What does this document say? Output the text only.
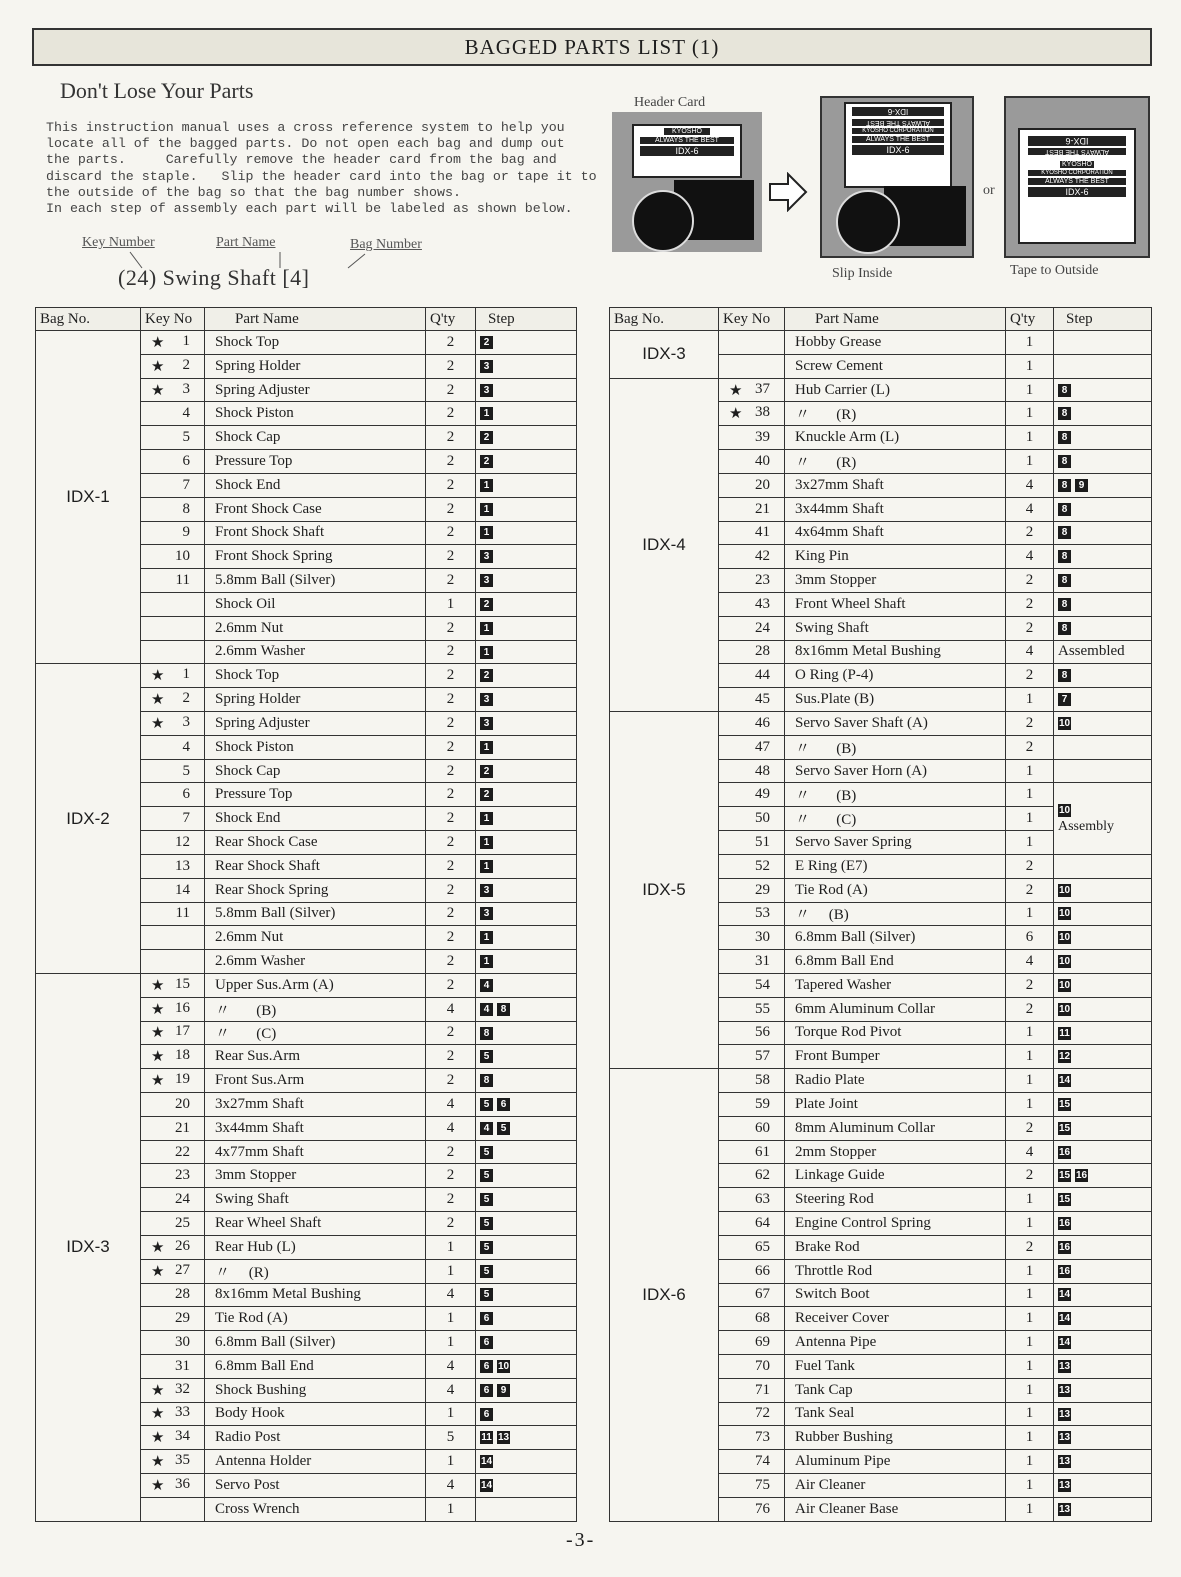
BAGGED PARTS LIST (1)
Don't Lose Your Parts
This instruction manual uses a cross reference system to help you
locate all of the bagged parts. Do not open each bag and dump out
the parts.     Carefully remove the header card from the bag and
discard the staple.   Slip the header card into the bag or tape it to
the outside of the bag so that the bag number shows.
In each step of assembly each part will be labeled as shown below.
Key Number	Part Name	Bag Number
(24) Swing Shaft [4]
Header Card
KYOSHO
ALWAYS THE BEST
IDX-6
IDX-6
ALWAYS THE BEST
KYOSHO CORPORATION
ALWAYS THE BEST
IDX-6
or
IDX-6
ALWAYS THE BEST
KYOSHO
KYOSHO CORPORATION
ALWAYS THE BEST
IDX-6
Slip Inside	Tape to Outside
Bag No.	Key No	Part Name	Q'ty	Step
IDX-1	★ 1	Shock Top	2	2

	★ 2	Spring Holder	2	3

	★ 3	Spring Adjuster	2	3
	4	Shock Piston	2	1
	5	Shock Cap	2	2
	6	Pressure Top	2	2
	7	Shock End	2	1
	8	Front Shock Case	2	1
	9	Front Shock Shaft	2	1
	10	Front Shock Spring	2	3
	11	5.8mm Ball (Silver)	2	3
		Shock Oil	1	2
		2.6mm Nut	2	1
		2.6mm Washer	2	1
IDX-2	★ 1	Shock Top	2	2

	★ 2	Spring Holder	2	3

	★ 3	Spring Adjuster	2	3
	4	Shock Piston	2	1
	5	Shock Cap	2	2
	6	Pressure Top	2	2
	7	Shock End	2	1
	12	Rear Shock Case	2	1
	13	Rear Shock Shaft	2	1
	14	Rear Shock Spring	2	3
	11	5.8mm Ball (Silver)	2	3
		2.6mm Nut	2	1
		2.6mm Washer	2	1
IDX-3	★ 15	Upper Sus.Arm (A)	2	4

	★ 16	〃       (B)	4	4 8

	★ 17	〃       (C)	2	8

	★ 18	Rear Sus.Arm	2	5

	★ 19	Front Sus.Arm	2	8
	20	3x27mm Shaft	4	5 6
	21	3x44mm Shaft	4	4 5
	22	4x77mm Shaft	2	5
	23	3mm Stopper	2	5
	24	Swing Shaft	2	5
	25	Rear Wheel Shaft	2	5

	★ 26	Rear Hub (L)	1	5

	★ 27	〃     (R)	1	5
	28	8x16mm Metal Bushing	4	5
	29	Tie Rod (A)	1	6
	30	6.8mm Ball (Silver)	1	6
	31	6.8mm Ball End	4	6 10

	★ 32	Shock Bushing	4	6 9

	★ 33	Body Hook	1	6

	★ 34	Radio Post	5	11 13

	★ 35	Antenna Holder	1	14

	★ 36	Servo Post	4	14
		Cross Wrench	1	
Bag No.	Key No	Part Name	Q'ty	Step
IDX-3		Hobby Grease	1	
		Screw Cement	1	
IDX-4	★ 37	Hub Carrier (L)	1	8

	★ 38	〃       (R)	1	8
	39	Knuckle Arm (L)	1	8
	40	〃       (R)	1	8
	20	3x27mm Shaft	4	8 9
	21	3x44mm Shaft	4	8
	41	4x64mm Shaft	2	8
	42	King Pin	4	8
	23	3mm Stopper	2	8
	43	Front Wheel Shaft	2	8
	24	Swing Shaft	2	8
	28	8x16mm Metal Bushing	4	Assembled
	44	O Ring (P-4)	2	8
	45	Sus.Plate (B)	1	7
IDX-5	46	Servo Saver Shaft (A)	2	10
	47	〃       (B)	2	
	48	Servo Saver Horn (A)	1	
	49	〃       (B)	1	10
Assembly

	50	〃       (C)	1	
	51	Servo Saver Spring	1	
	52	E Ring (E7)	2	
	29	Tie Rod (A)	2	10
	53	〃     (B)	1	10
	30	6.8mm Ball (Silver)	6	10
	31	6.8mm Ball End	4	10
	54	Tapered Washer	2	10
	55	6mm Aluminum Collar	2	10
	56	Torque Rod Pivot	1	11
	57	Front Bumper	1	12
IDX-6	58	Radio Plate	1	14
	59	Plate Joint	1	15
	60	8mm Aluminum Collar	2	15
	61	2mm Stopper	4	16
	62	Linkage Guide	2	15 16
	63	Steering Rod	1	15
	64	Engine Control Spring	1	16
	65	Brake Rod	2	16
	66	Throttle Rod	1	16
	67	Switch Boot	1	14
	68	Receiver Cover	1	14
	69	Antenna Pipe	1	14
	70	Fuel Tank	1	13
	71	Tank Cap	1	13
	72	Tank Seal	1	13
	73	Rubber Bushing	1	13
	74	Aluminum Pipe	1	13
	75	Air Cleaner	1	13
	76	Air Cleaner Base	1	13
-3-
